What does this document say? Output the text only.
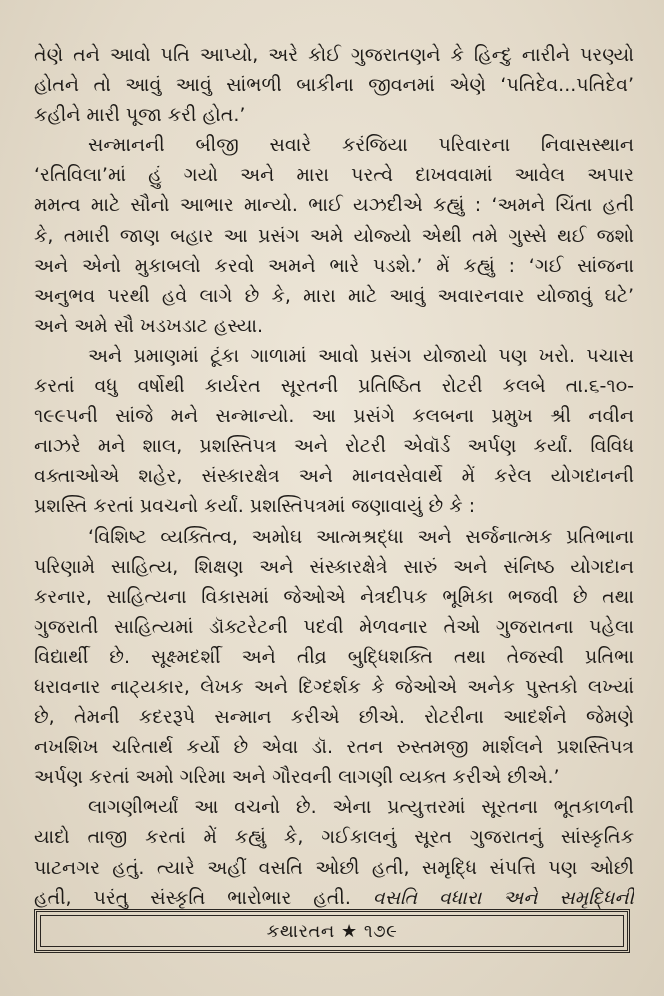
તેણે તને આવો પતિ આપ્યો, અરે કોઈ ગુજરાતણને કે હિન્દુ નારીને પરણ્યો
હોતને તો આવું આવું સાંભળી બાકીના જીવનમાં એણે ‘પતિદેવ...પતિદેવ’
કહીને મારી પૂજા કરી હોત.’
સન્માનની બીજી સવારે કરંજિયા પરિવારના નિવાસસ્થાન
‘રતિવિલા’માં હું ગયો અને મારા પરત્વે દાખવવામાં આવેલ અપાર
મમત્વ માટે સૌનો આભાર માન્યો. ભાઈ યઝદીએ કહ્યું : ‘અમને ચિંતા હતી
કે, તમારી જાણ બહાર આ પ્રસંગ અમે યોજ્યો એથી તમે ગુસ્સે થઈ જશો
અને એનો મુકાબલો કરવો અમને ભારે પડશે.’ મેં કહ્યું : ‘ગઈ સાંજના
અનુભવ પરથી હવે લાગે છે કે, મારા માટે આવું અવારનવાર યોજાવું ઘટે’
અને અમે સૌ ખડખડાટ હસ્યા.
અને પ્રમાણમાં ટૂંકા ગાળામાં આવો પ્રસંગ યોજાયો પણ ખરો. પચાસ
કરતાં વધુ વર્ષોથી કાર્યરત સૂરતની પ્રતિષ્ઠિત રોટરી કલબે તા.૬-૧૦-
૧૯૯૫ની સાંજે મને સન્માન્યો. આ પ્રસંગે કલબના પ્રમુખ શ્રી નવીન
નાઝરે મને શાલ, પ્રશસ્તિપત્ર અને રોટરી એવૉર્ડ અર્પણ કર્યાં. વિવિધ
વક્તાઓએ શહેર, સંસ્કારક્ષેત્ર અને માનવસેવાર્થે મેં કરેલ યોગદાનની
પ્રશસ્તિ કરતાં પ્રવચનો કર્યાં. પ્રશસ્તિપત્રમાં જણાવાયું છે કે :
‘વિશિષ્ટ વ્યક્તિત્વ, અમોઘ આત્મશ્રદ્ધા અને સર્જનાત્મક પ્રતિભાના
પરિણામે સાહિત્ય, શિક્ષણ અને સંસ્કારક્ષેત્રે સારું અને સંનિષ્ઠ યોગદાન
કરનાર, સાહિત્યના વિકાસમાં જેઓએ નેત્રદીપક ભૂમિકા ભજવી છે તથા
ગુજરાતી સાહિત્યમાં ડૉક્ટરેટની પદવી મેળવનાર તેઓ ગુજરાતના પહેલા
વિદ્યાર્થી છે. સૂક્ષ્મદર્શી અને તીવ્ર બુદ્ધિશક્તિ તથા તેજસ્વી પ્રતિભા
ધરાવનાર નાટ્યકાર, લેખક અને દિગ્દર્શક કે જેઓએ અનેક પુસ્તકો લખ્યાં
છે, તેમની કદરરૂપે સન્માન કરીએ છીએ. રોટરીના આદર્શને જેમણે
નખશિખ ચરિતાર્થ કર્યો છે એવા ડૉ. રતન રુસ્તમજી માર્શલને પ્રશસ્તિપત્ર
અર્પણ કરતાં અમો ગરિમા અને ગૌરવની લાગણી વ્યક્ત કરીએ છીએ.’
લાગણીભર્યાં આ વચનો છે. એના પ્રત્યુત્તરમાં સૂરતના ભૂતકાળની
યાદો તાજી કરતાં મેં કહ્યું કે, ગઈકાલનું સૂરત ગુજરાતનું સાંસ્કૃતિક
પાટનગર હતું. ત્યારે અહીં વસતિ ઓછી હતી, સમૃદ્ધિ સંપત્તિ પણ ઓછી
હતી, પરંતુ સંસ્કૃતિ ભારોભાર હતી. વસતિ વધારા અને સમૃદ્ધિની
કથારતન ★ ૧૭૯
